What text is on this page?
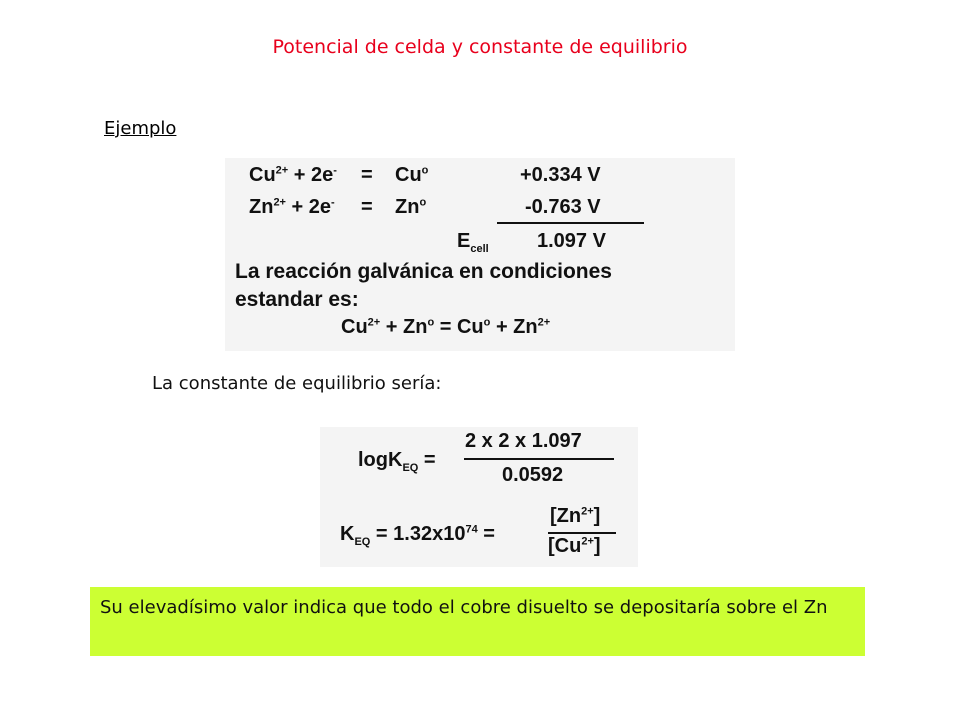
Potencial de celda y constante de equilibrio
Ejemplo
$Cu^{2+} + 2e^- = Cu^o$	+0.334 V
$Zn^{2+} + 2e^- = Zn^o$	-0.763 V
$E_{cell}$ 1.097 V
La reacción galvánica en condiciones
estandar es:
$Cu^{2+} + Zn^o = Cu^o + Zn^{2+}$
La constante de equilibrio sería:
logK$_{EQ}$ =
2 x 2 x 1.097
0.0592
$K_{EQ} = 1.32x10^{74}$ =
$[Zn^{2+}]$
$[Cu^{2+}]$
Su elevadísimo valor indica que todo el cobre disuelto se depositaría sobre el Zn
